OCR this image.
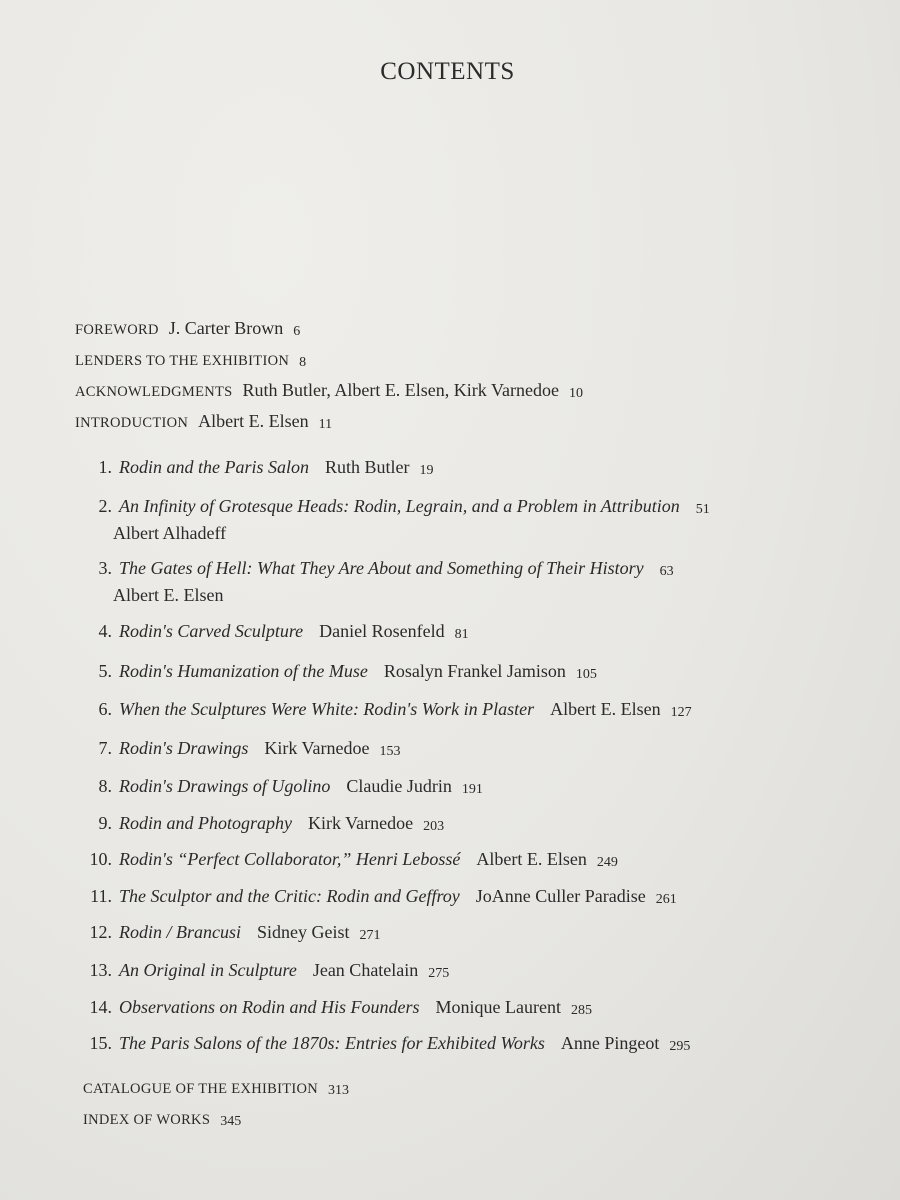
CONTENTS
FOREWORD J. Carter Brown 6
LENDERS TO THE EXHIBITION 8
ACKNOWLEDGMENTS Ruth Butler, Albert E. Elsen, Kirk Varnedoe 10
INTRODUCTION Albert E. Elsen 11
1. Rodin and the Paris Salon Ruth Butler 19
2. An Infinity of Grotesque Heads: Rodin, Legrain, and a Problem in Attribution 51
Albert Alhadeff
3. The Gates of Hell: What They Are About and Something of Their History 63
Albert E. Elsen
4. Rodin's Carved Sculpture Daniel Rosenfeld 81
5. Rodin's Humanization of the Muse Rosalyn Frankel Jamison 105
6. When the Sculptures Were White: Rodin's Work in Plaster Albert E. Elsen 127
7. Rodin's Drawings Kirk Varnedoe 153
8. Rodin's Drawings of Ugolino Claudie Judrin 191
9. Rodin and Photography Kirk Varnedoe 203
10. Rodin's “Perfect Collaborator,” Henri Lebossé Albert E. Elsen 249
11. The Sculptor and the Critic: Rodin and Geffroy JoAnne Culler Paradise 261
12. Rodin / Brancusi Sidney Geist 271
13. An Original in Sculpture Jean Chatelain 275
14. Observations on Rodin and His Founders Monique Laurent 285
15. The Paris Salons of the 1870s: Entries for Exhibited Works Anne Pingeot 295
CATALOGUE OF THE EXHIBITION 313
INDEX OF WORKS 345
